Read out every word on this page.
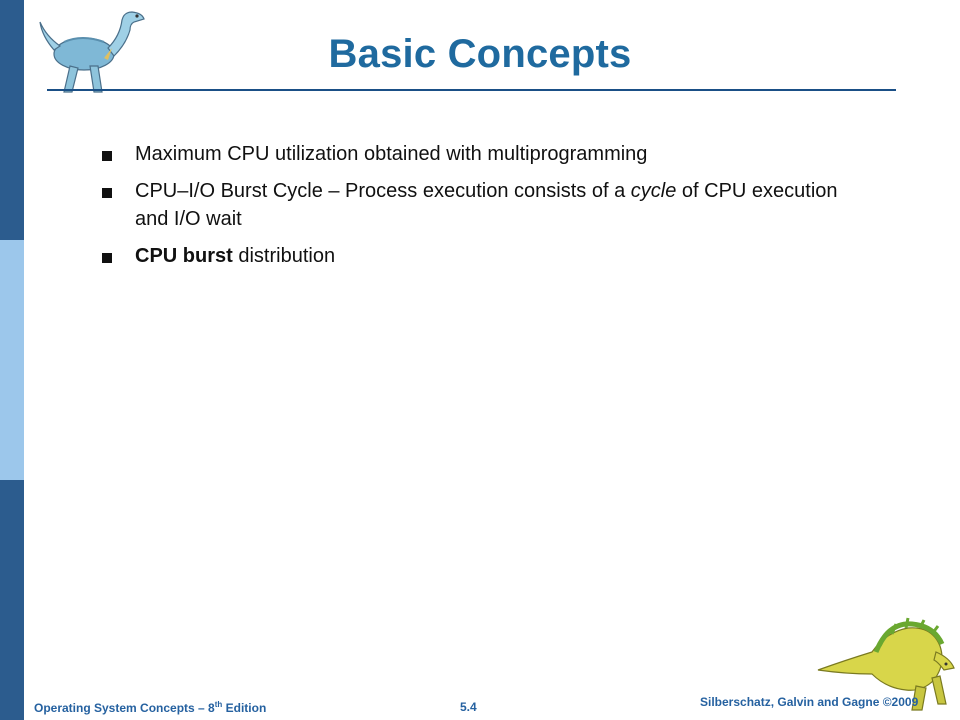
Basic Concepts
Maximum CPU utilization obtained with multiprogramming
CPU–I/O Burst Cycle – Process execution consists of a cycle of CPU execution and I/O wait
CPU burst distribution
Operating System Concepts – 8th Edition	5.4	Silberschatz, Galvin and Gagne ©2009
